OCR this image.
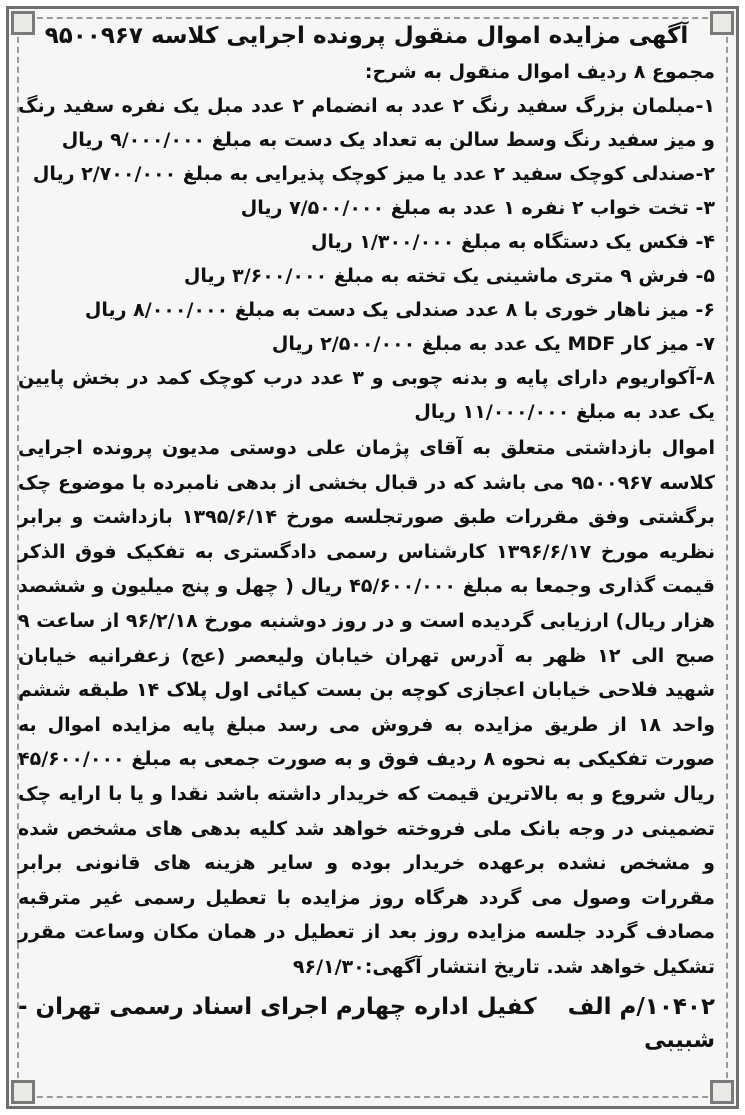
آگهی مزایده اموال منقول پرونده اجرایی کلاسه ۹۵۰۰۹۶۷

مجموع ۸ ردیف اموال منقول به شرح:

۱-مبلمان بزرگ سفید رنگ ۲ عدد به انضمام ۲ عدد مبل یک نفره سفید رنگ و میز سفید رنگ وسط سالن به تعداد یک دست به مبلغ ۹/۰۰۰/۰۰۰ ریال
۲-صندلی کوچک سفید ۲ عدد یا میز کوچک پذیرایی به مبلغ ۲/۷۰۰/۰۰۰ ریال
۳- تخت خواب ۲ نفره ۱ عدد به مبلغ ۷/۵۰۰/۰۰۰ ریال
۴- فکس یک دستگاه به مبلغ ۱/۳۰۰/۰۰۰ ریال
۵- فرش ۹ متری ماشینی یک تخته به مبلغ ۳/۶۰۰/۰۰۰ ریال
۶- میز ناهار خوری با ۸ عدد صندلی یک دست به مبلغ ۸/۰۰۰/۰۰۰ ریال
۷- میز کار MDF یک عدد به مبلغ ۲/۵۰۰/۰۰۰ ریال
۸-آکواریوم دارای پایه و بدنه چوبی و ۳ عدد درب کوچک کمد در بخش پایین یک عدد به مبلغ ۱۱/۰۰۰/۰۰۰ ریال

اموال بازداشتی متعلق به آقای پژمان علی دوستی مدیون پرونده اجرایی کلاسه ۹۵۰۰۹۶۷ می باشد که در قبال بخشی از بدهی نامبرده با موضوع چک برگشتی وفق مقررات طبق صورتجلسه مورخ ۱۳۹۵/۶/۱۴ بازداشت و برابر نظریه مورخ ۱۳۹۶/۶/۱۷ کارشناس رسمی دادگستری به تفکیک فوق الذکر قیمت گذاری وجمعا به مبلغ ۴۵/۶۰۰/۰۰۰ ریال ( چهل و پنج میلیون و ششصد هزار ریال) ارزیابی گردیده است و در روز دوشنبه مورخ ۹۶/۲/۱۸ از ساعت ۹ صبح الی ۱۲ ظهر به آدرس تهران خیابان ولیعصر (عج) زعفرانیه خیابان شهید فلاحی خیابان اعجازی کوچه بن بست کیائی اول پلاک ۱۴ طبقه ششم واحد ۱۸ از طریق مزایده به فروش می رسد مبلغ پایه مزایده اموال به صورت تفکیکی به نحوه ۸ ردیف فوق و به صورت جمعی به مبلغ ۴۵/۶۰۰/۰۰۰ ریال شروع و به بالاترین قیمت که خریدار داشته باشد نقدا و یا با ارایه چک تضمینی در وجه بانک ملی فروخته خواهد شد کلیه بدهی های مشخص شده و مشخص نشده برعهده خریدار بوده و سایر هزینه های قانونی برابر مقررات وصول می گردد هرگاه روز مزایده با تعطیل رسمی غیر مترقبه مصادف گردد جلسه مزایده روز بعد از تعطیل در همان مکان وساعت مقرر تشکیل خواهد شد. تاریخ انتشار آگهی:۹۶/۱/۳۰

۱۰۴۰۲/م الف
کفیل اداره چهارم اجرای اسناد رسمی تهران -
شبیبی
